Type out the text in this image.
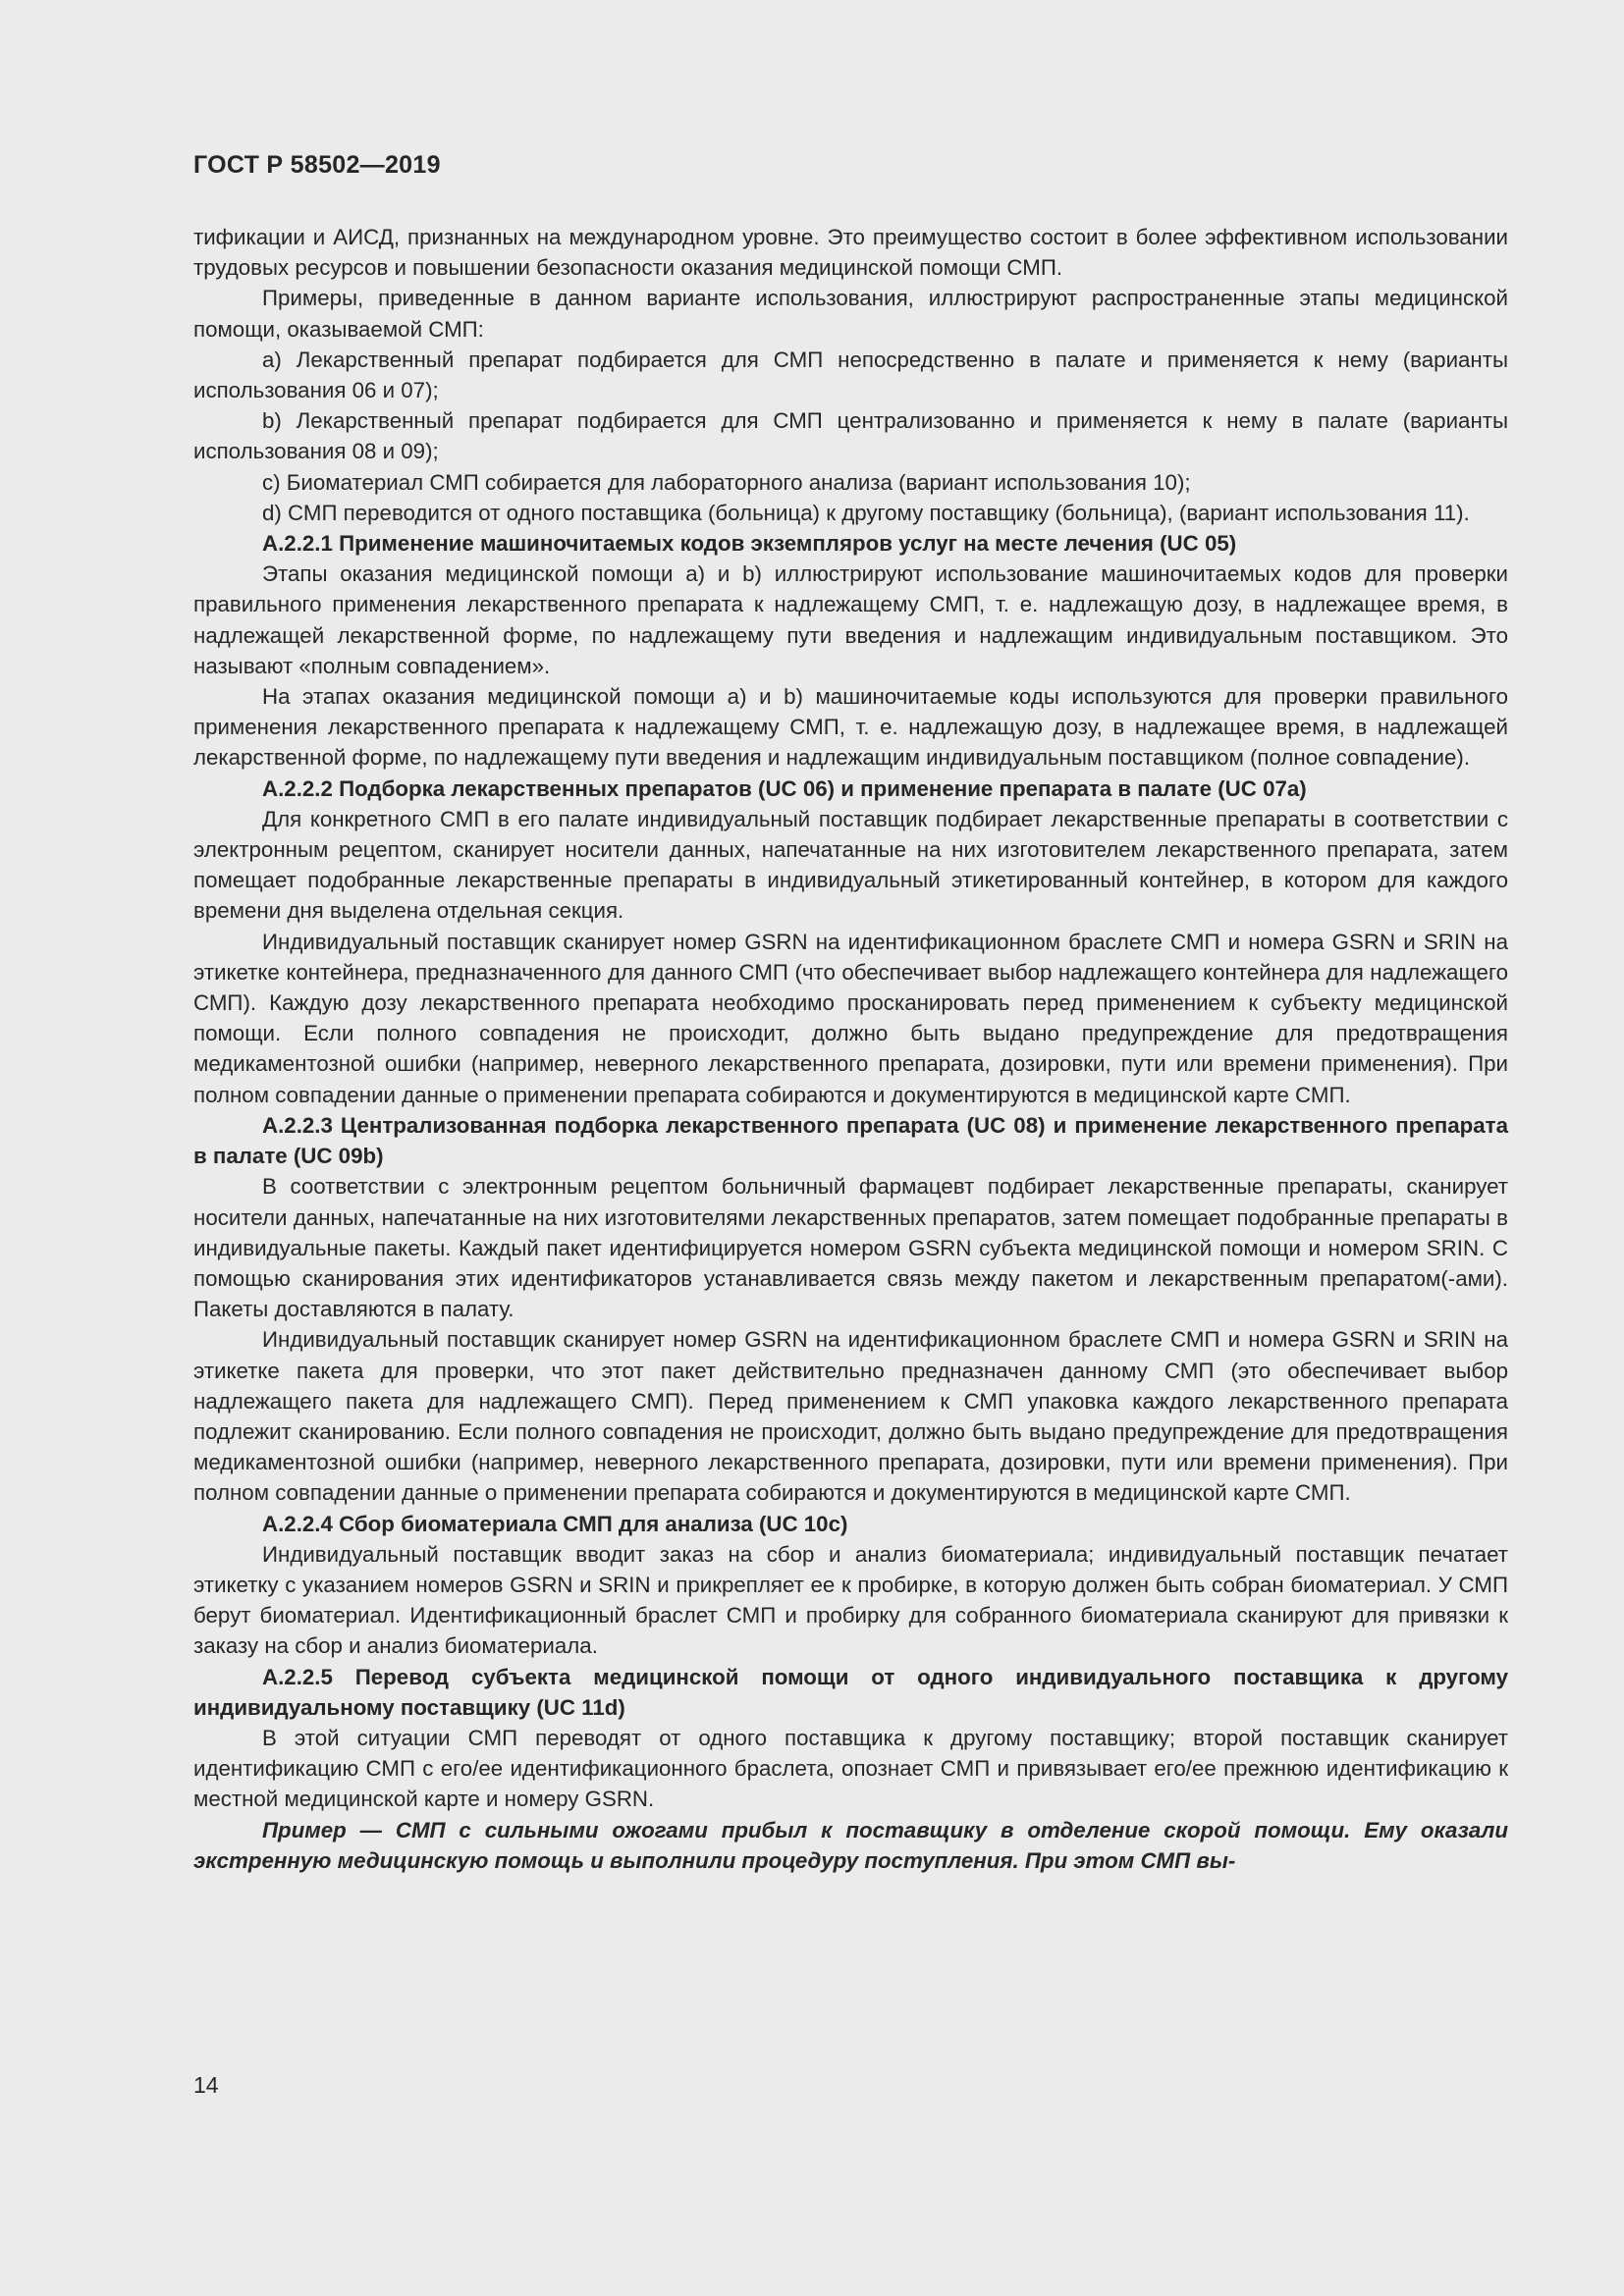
ГОСТ Р 58502—2019

тификации и АИСД, признанных на международном уровне. Это преимущество состоит в более эффективном использовании трудовых ресурсов и повышении безопасности оказания медицинской помощи СМП.

Примеры, приведенные в данном варианте использования, иллюстрируют распространенные этапы медицинской помощи, оказываемой СМП:

a) Лекарственный препарат подбирается для СМП непосредственно в палате и применяется к нему (варианты использования 06 и 07);

b) Лекарственный препарат подбирается для СМП централизованно и применяется к нему в палате (варианты использования 08 и 09);

c) Биоматериал СМП собирается для лабораторного анализа (вариант использования 10);

d) СМП переводится от одного поставщика (больница) к другому поставщику (больница), (вариант использования 11).

А.2.2.1 Применение машиночитаемых кодов экземпляров услуг на месте лечения (UC 05)

Этапы оказания медицинской помощи a) и b) иллюстрируют использование машиночитаемых кодов для проверки правильного применения лекарственного препарата к надлежащему СМП, т. е. надлежащую дозу, в надлежащее время, в надлежащей лекарственной форме, по надлежащему пути введения и надлежащим индивидуальным поставщиком. Это называют «полным совпадением».

На этапах оказания медицинской помощи a) и b) машиночитаемые коды используются для проверки правильного применения лекарственного препарата к надлежащему СМП, т. е. надлежащую дозу, в надлежащее время, в надлежащей лекарственной форме, по надлежащему пути введения и надлежащим индивидуальным поставщиком (полное совпадение).

А.2.2.2 Подборка лекарственных препаратов (UC 06) и применение препарата в палате (UC 07а)

Для конкретного СМП в его палате индивидуальный поставщик подбирает лекарственные препараты в соответствии с электронным рецептом, сканирует носители данных, напечатанные на них изготовителем лекарственного препарата, затем помещает подобранные лекарственные препараты в индивидуальный этикетированный контейнер, в котором для каждого времени дня выделена отдельная секция.

Индивидуальный поставщик сканирует номер GSRN на идентификационном браслете СМП и номера GSRN и SRIN на этикетке контейнера, предназначенного для данного СМП (что обеспечивает выбор надлежащего контейнера для надлежащего СМП). Каждую дозу лекарственного препарата необходимо просканировать перед применением к субъекту медицинской помощи. Если полного совпадения не происходит, должно быть выдано предупреждение для предотвращения медикаментозной ошибки (например, неверного лекарственного препарата, дозировки, пути или времени применения). При полном совпадении данные о применении препарата собираются и документируются в медицинской карте СМП.

А.2.2.3 Централизованная подборка лекарственного препарата (UC 08) и применение лекарственного препарата в палате (UC 09b)

В соответствии с электронным рецептом больничный фармацевт подбирает лекарственные препараты, сканирует носители данных, напечатанные на них изготовителями лекарственных препаратов, затем помещает подобранные препараты в индивидуальные пакеты. Каждый пакет идентифицируется номером GSRN субъекта медицинской помощи и номером SRIN. С помощью сканирования этих идентификаторов устанавливается связь между пакетом и лекарственным препаратом(-ами). Пакеты доставляются в палату.

Индивидуальный поставщик сканирует номер GSRN на идентификационном браслете СМП и номера GSRN и SRIN на этикетке пакета для проверки, что этот пакет действительно предназначен данному СМП (это обеспечивает выбор надлежащего пакета для надлежащего СМП). Перед применением к СМП упаковка каждого лекарственного препарата подлежит сканированию. Если полного совпадения не происходит, должно быть выдано предупреждение для предотвращения медикаментозной ошибки (например, неверного лекарственного препарата, дозировки, пути или времени применения). При полном совпадении данные о применении препарата собираются и документируются в медицинской карте СМП.

А.2.2.4 Сбор биоматериала СМП для анализа (UC 10с)

Индивидуальный поставщик вводит заказ на сбор и анализ биоматериала; индивидуальный поставщик печатает этикетку с указанием номеров GSRN и SRIN и прикрепляет ее к пробирке, в которую должен быть собран биоматериал. У СМП берут биоматериал. Идентификационный браслет СМП и пробирку для собранного биоматериала сканируют для привязки к заказу на сбор и анализ биоматериала.

А.2.2.5 Перевод субъекта медицинской помощи от одного индивидуального поставщика к другому индивидуальному поставщику (UC 11d)

В этой ситуации СМП переводят от одного поставщика к другому поставщику; второй поставщик сканирует идентификацию СМП с его/ее идентификационного браслета, опознает СМП и привязывает его/ее прежнюю идентификацию к местной медицинской карте и номеру GSRN.

Пример — СМП с сильными ожогами прибыл к поставщику в отделение скорой помощи. Ему оказали экстренную медицинскую помощь и выполнили процедуру поступления. При этом СМП вы-

14
